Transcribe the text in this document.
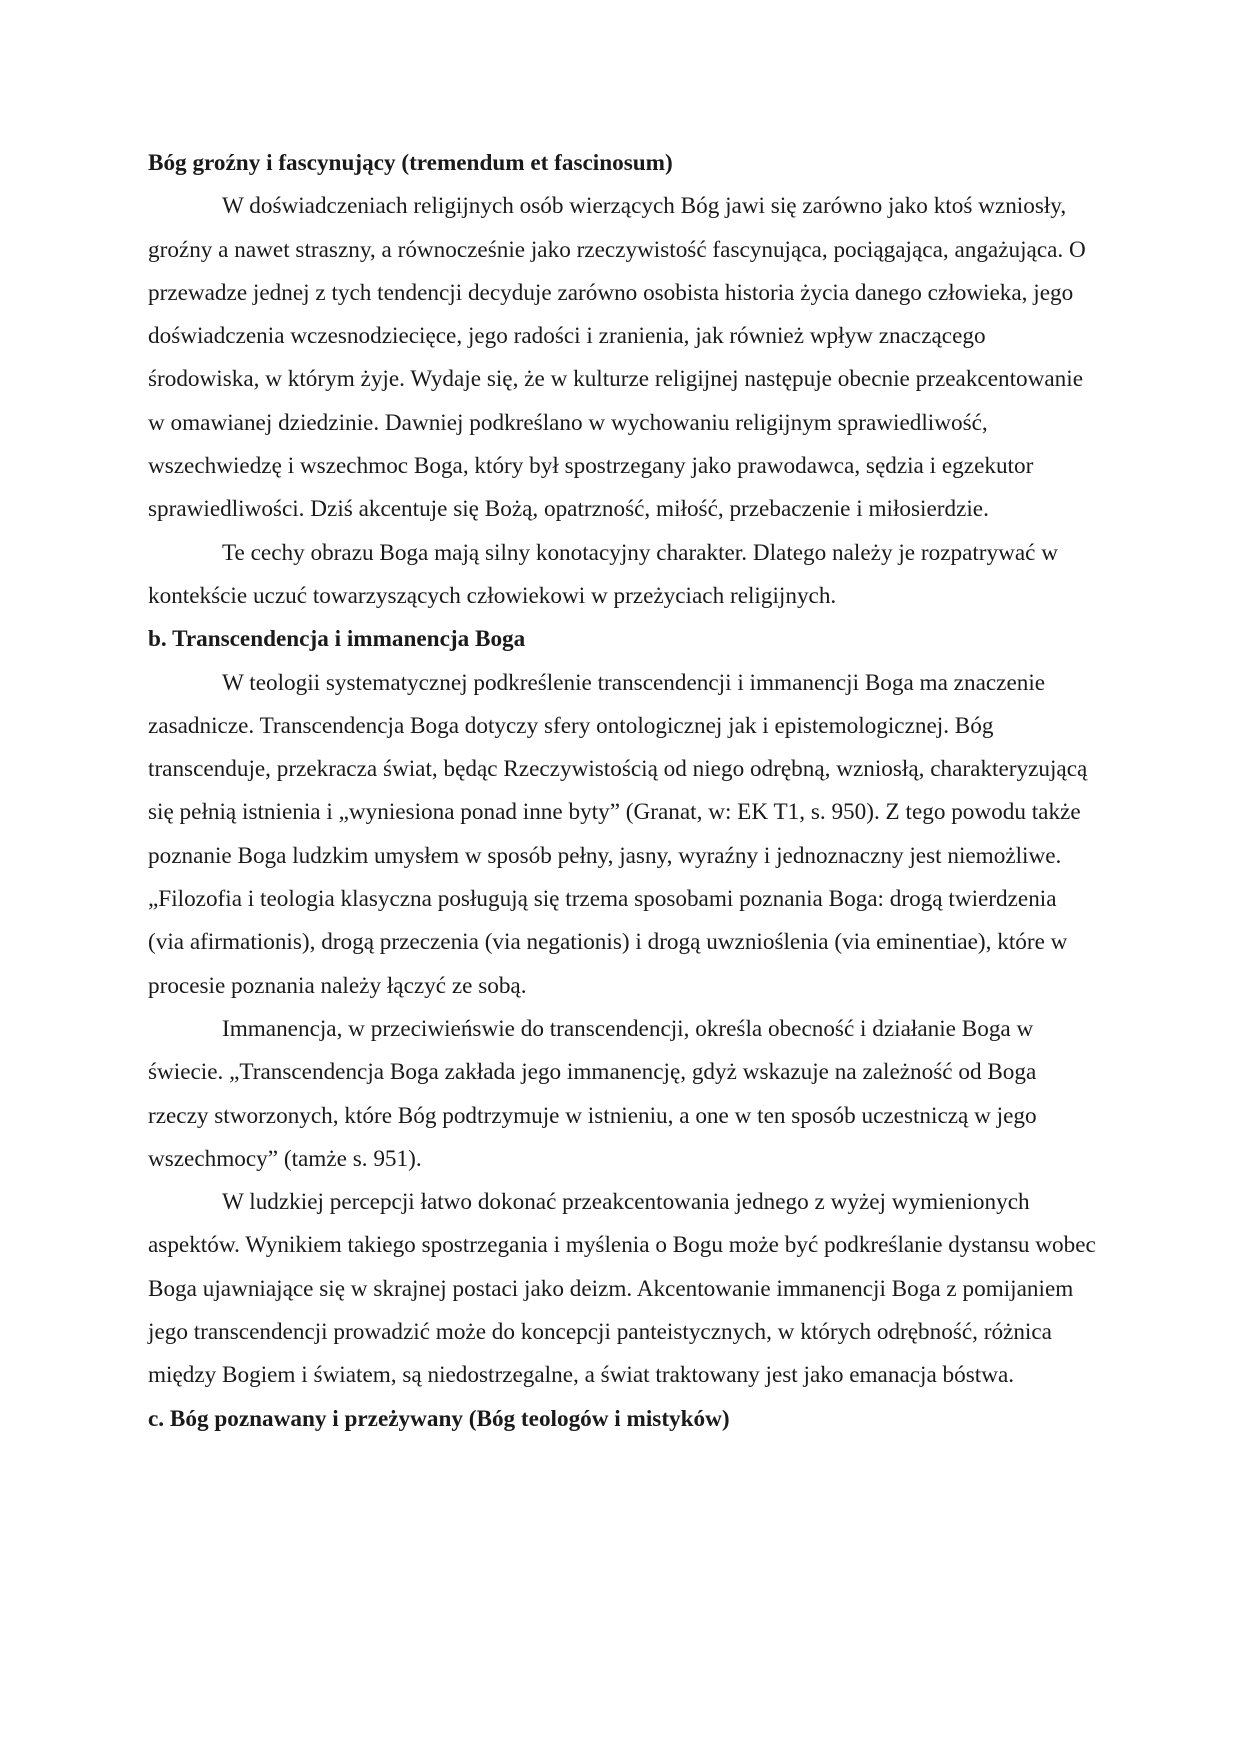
Bóg groźny i fascynujący (tremendum et fascinosum)

W doświadczeniach religijnych osób wierzących Bóg jawi się zarówno jako ktoś wzniosły, groźny a nawet straszny, a równocześnie jako rzeczywistość fascynująca, pociągająca, angażująca. O przewadze jednej z tych tendencji decyduje zarówno osobista historia życia danego człowieka, jego doświadczenia wczesnodziecięce, jego radości i zranienia, jak również wpływ znaczącego środowiska, w którym żyje. Wydaje się, że w kulturze religijnej następuje obecnie przeakcentowanie w omawianej dziedzinie. Dawniej podkreślano w wychowaniu religijnym sprawiedliwość, wszechwiedzę i wszechmoc Boga, który był spostrzegany jako prawodawca, sędzia i egzekutor sprawiedliwości. Dziś akcentuje się Bożą, opatrzność, miłość, przebaczenie i miłosierdzie.

Te cechy obrazu Boga mają silny konotacyjny charakter. Dlatego należy je rozpatrywać w kontekście uczuć towarzyszących człowiekowi w przeżyciach religijnych.

b. Transcendencja i immanencja Boga

W teologii systematycznej podkreślenie transcendencji i immanencji Boga ma znaczenie zasadnicze. Transcendencja Boga dotyczy sfery ontologicznej jak i epistemologicznej. Bóg transcenduje, przekracza świat, będąc Rzeczywistością od niego odrębną, wzniosłą, charakteryzującą się pełnią istnienia i „wyniesiona ponad inne byty” (Granat, w: EK T1, s. 950). Z tego powodu także poznanie Boga ludzkim umysłem w sposób pełny, jasny, wyraźny i jednoznaczny jest niemożliwe. „Filozofia i teologia klasyczna posługują się trzema sposobami poznania Boga: drogą twierdzenia (via afirmationis), drogą przeczenia (via negationis) i drogą uwznioślenia (via eminentiae), które w procesie poznania należy łączyć ze sobą.

Immanencja, w przeciwieńswie do transcendencji, określa obecność i działanie Boga w świecie. „Transcendencja Boga zakłada jego immanencję, gdyż wskazuje na zależność od Boga rzeczy stworzonych, które Bóg podtrzymuje w istnieniu, a one w ten sposób uczestniczą w jego wszechmocy” (tamże s. 951).

W ludzkiej percepcji łatwo dokonać przeakcentowania jednego z wyżej wymienionych aspektów. Wynikiem takiego spostrzegania i myślenia o Bogu może być podkreślanie dystansu wobec Boga ujawniające się w skrajnej postaci jako deizm. Akcentowanie immanencji Boga z pomijaniem jego transcendencji prowadzić może do koncepcji panteistycznych, w których odrębność, różnica między Bogiem i światem, są niedostrzegalne, a świat traktowany jest jako emanacja bóstwa.

c. Bóg poznawany i przeżywany (Bóg teologów i mistyków)
